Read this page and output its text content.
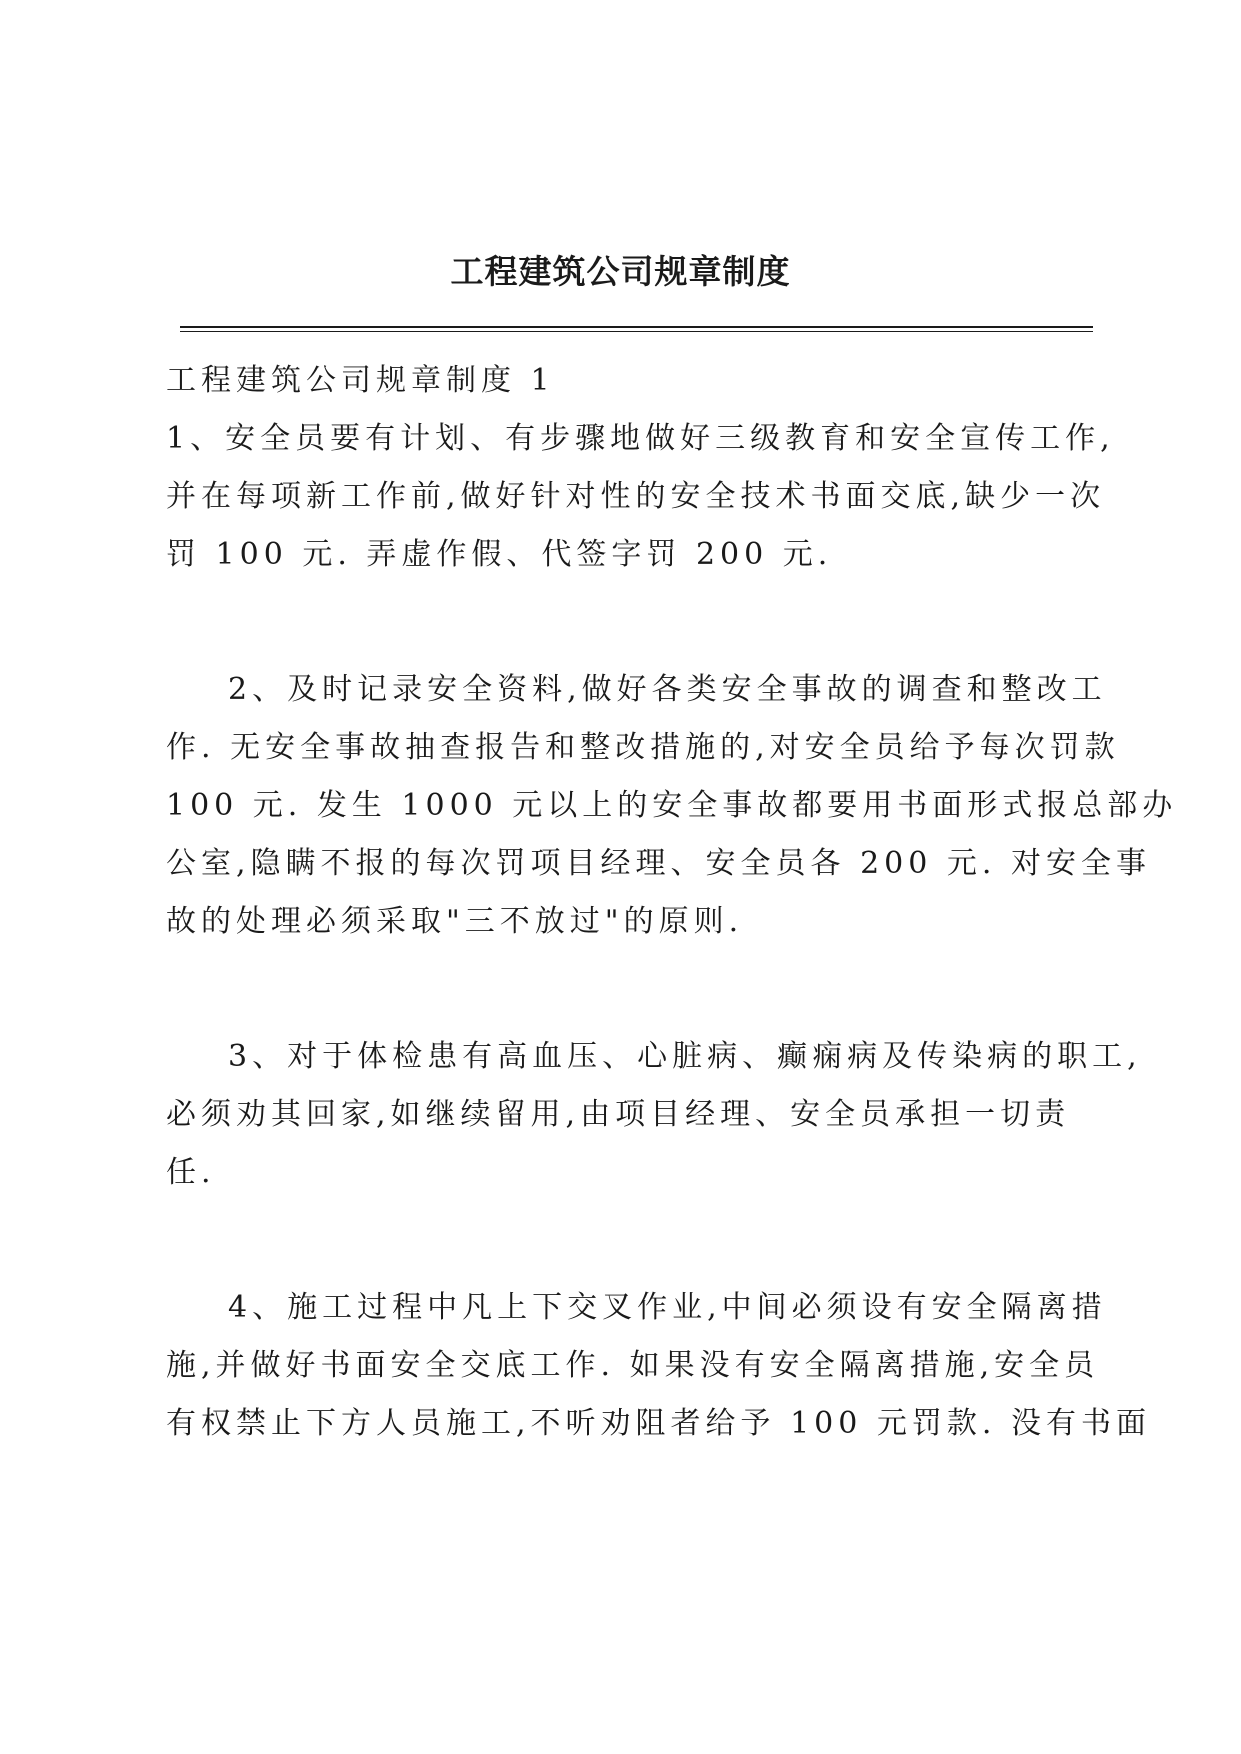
工程建筑公司规章制度
工程建筑公司规章制度 1
1、安全员要有计划、有步骤地做好三级教育和安全宣传工作,
并在每项新工作前,做好针对性的安全技术书面交底,缺少一次
罚 100 元. 弄虚作假、代签字罚 200 元.
2、及时记录安全资料,做好各类安全事故的调查和整改工
作. 无安全事故抽查报告和整改措施的,对安全员给予每次罚款
100 元. 发生 1000 元以上的安全事故都要用书面形式报总部办
公室,隐瞒不报的每次罚项目经理、安全员各 200 元. 对安全事
故的处理必须采取"三不放过"的原则.
3、对于体检患有高血压、心脏病、癫痫病及传染病的职工,
必须劝其回家,如继续留用,由项目经理、安全员承担一切责
任.
4、施工过程中凡上下交叉作业,中间必须设有安全隔离措
施,并做好书面安全交底工作. 如果没有安全隔离措施,安全员
有权禁止下方人员施工,不听劝阻者给予 100 元罚款. 没有书面
